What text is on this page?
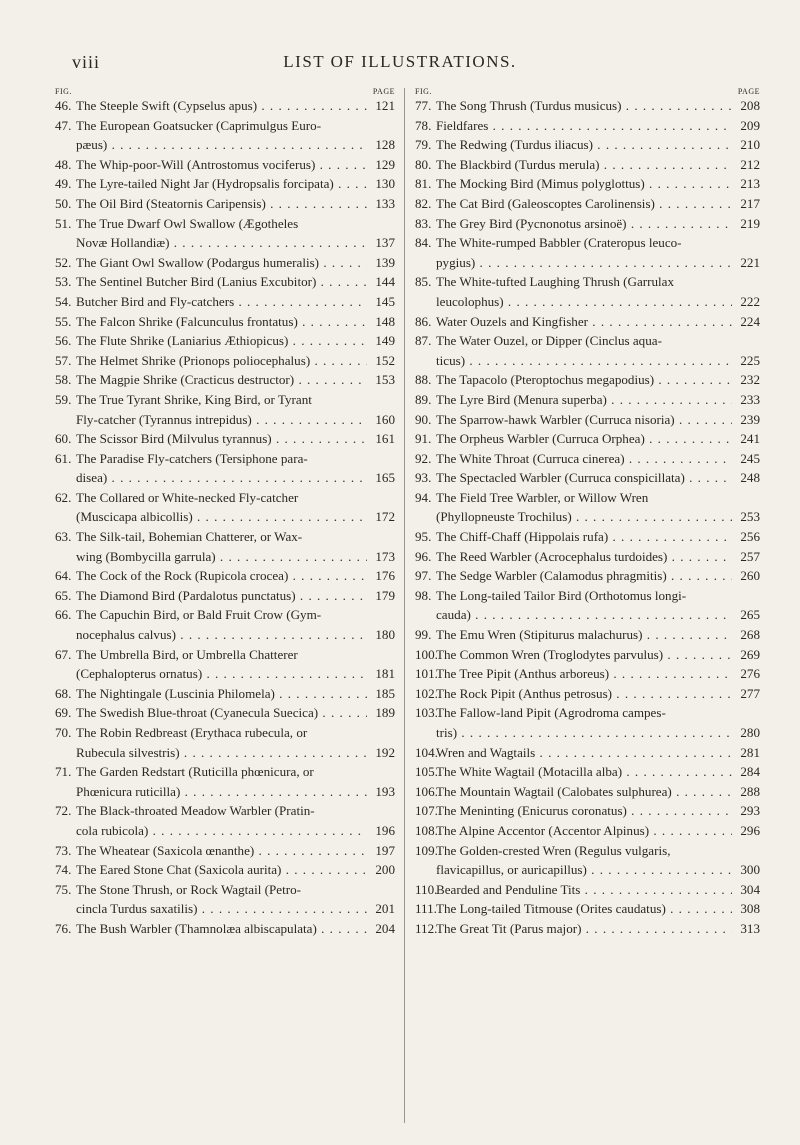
viii	LIST OF ILLUSTRATIONS.
FIG.	PAGE
46. The Steeple Swift (Cypselus apus) . . .	121
47. The European Goatsucker (Caprimulgus Euro-
pæus) . . .	128
48. The Whip-poor-Will (Antrostomus vociferus) . . .	129
49. The Lyre-tailed Night Jar (Hydropsalis forcipata) . . .	130
50. The Oil Bird (Steatornis Caripensis) . . .	133
51. The True Dwarf Owl Swallow (Ægotheles
Novæ Hollandiæ) . . .	137
52. The Giant Owl Swallow (Podargus humeralis) . . .	139
53. The Sentinel Butcher Bird (Lanius Excubitor) . . .	144
54. Butcher Bird and Fly-catchers . . .	145
55. The Falcon Shrike (Falcunculus frontatus) . . .	148
56. The Flute Shrike (Laniarius Æthiopicus) . . .	149
57. The Helmet Shrike (Prionops poliocephalus) . . .	152
58. The Magpie Shrike (Cracticus destructor) . . .	153
59. The True Tyrant Shrike, King Bird, or Tyrant
Fly-catcher (Tyrannus intrepidus) . . .	160
60. The Scissor Bird (Milvulus tyrannus) . . .	161
61. The Paradise Fly-catchers (Tersiphone para-
disea) . . .	165
62. The Collared or White-necked Fly-catcher
(Muscicapa albicollis) . . .	172
63. The Silk-tail, Bohemian Chatterer, or Wax-
wing (Bombycilla garrula) . . .	173
64. The Cock of the Rock (Rupicola crocea) . . .	176
65. The Diamond Bird (Pardalotus punctatus) . . .	179
66. The Capuchin Bird, or Bald Fruit Crow (Gym-
nocephalus calvus) . . .	180
67. The Umbrella Bird, or Umbrella Chatterer
(Cephalopterus ornatus) . . .	181
68. The Nightingale (Luscinia Philomela) . . .	185
69. The Swedish Blue-throat (Cyanecula Suecica) . . .	189
70. The Robin Redbreast (Erythaca rubecula, or
Rubecula silvestris) . . .	192
71. The Garden Redstart (Ruticilla phœnicura, or
Phœnicura ruticilla) . . .	193
72. The Black-throated Meadow Warbler (Pratin-
cola rubicola) . . .	196
73. The Wheatear (Saxicola œnanthe) . . .	197
74. The Eared Stone Chat (Saxicola aurita) . . .	200
75. The Stone Thrush, or Rock Wagtail (Petro-
cincla Turdus saxatilis) . . .	201
76. The Bush Warbler (Thamnolæa albiscapulata) . . .	204
FIG.	PAGE
77. The Song Thrush (Turdus musicus) . . .	208
78. Fieldfares . . .	209
79. The Redwing (Turdus iliacus) . . .	210
80. The Blackbird (Turdus merula) . . .	212
81. The Mocking Bird (Mimus polyglottus) . . .	213
82. The Cat Bird (Galeoscoptes Carolinensis) . . .	217
83. The Grey Bird (Pycnonotus arsinoë) . . .	219
84. The White-rumped Babbler (Crateropus leuco-
pygius) . . .	221
85. The White-tufted Laughing Thrush (Garrulax
leucolophus) . . .	222
86. Water Ouzels and Kingfisher . . .	224
87. The Water Ouzel, or Dipper (Cinclus aqua-
ticus) . . .	225
88. The Tapacolo (Pteroptochus megapodius) . . .	232
89. The Lyre Bird (Menura superba) . . .	233
90. The Sparrow-hawk Warbler (Curruca nisoria) . . .	239
91. The Orpheus Warbler (Curruca Orphea) . . .	241
92. The White Throat (Curruca cinerea) . . .	245
93. The Spectacled Warbler (Curruca conspicillata) . . .	248
94. The Field Tree Warbler, or Willow Wren
(Phyllopneuste Trochilus) . . .	253
95. The Chiff-Chaff (Hippolais rufa) . . .	256
96. The Reed Warbler (Acrocephalus turdoides) . . .	257
97. The Sedge Warbler (Calamodus phragmitis) . . .	260
98. The Long-tailed Tailor Bird (Orthotomus longi-
cauda) . . .	265
99. The Emu Wren (Stipiturus malachurus) . . .	268
100.
The Common Wren (Troglodytes parvulus) . . .	269
101.
The Tree Pipit (Anthus arboreus) . . .	276
102.
The Rock Pipit (Anthus petrosus) . . .	277
103.
The Fallow-land Pipit (Agrodroma campes-
tris) . . .	280
104.
Wren and Wagtails . . .	281
105.
The White Wagtail (Motacilla alba) . . .	284
106.
The Mountain Wagtail (Calobates sulphurea) . . .	288
107.
The Meninting (Enicurus coronatus) . . .	293
108.
The Alpine Accentor (Accentor Alpinus) . . .	296
109.
The Golden-crested Wren (Regulus vulgaris,
flavicapillus, or auricapillus) . . .	300
110.
Bearded and Penduline Tits . . .	304
111. The Long-tailed Titmouse (Orites caudatus) . . .	308
112.
The Great Tit (Parus major) . . .	313
